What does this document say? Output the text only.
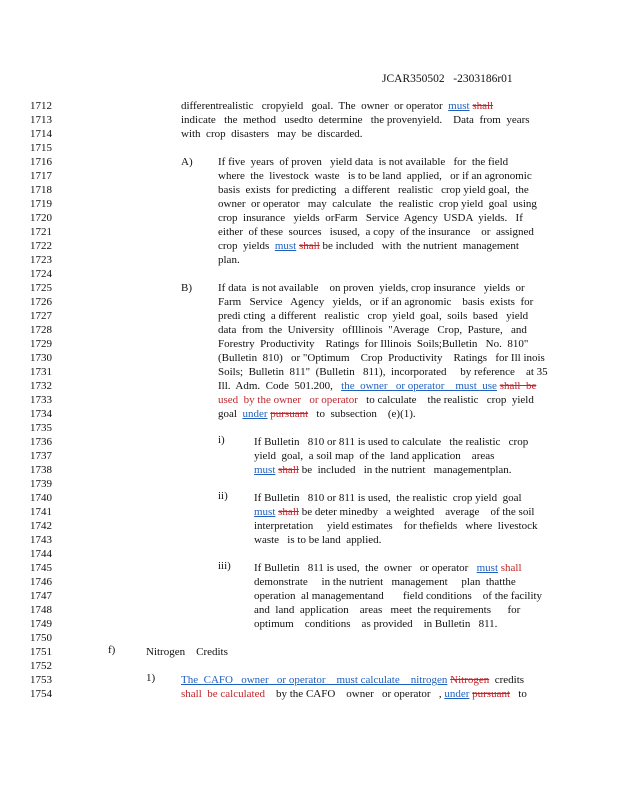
JCAR350502 -2303186r01
1712
1713
1714
1715
1716
1717
1718
1719
1720
1721
1722
1723
1724
1725
1726
1727
1728
1729
1730
1731
1732
1733
1734
1735
1736
1737
1738
1739
1740
1741
1742
1743
1744
1745
1746
1747
1748
1749
1750
1751
1752
1753
1754
A)
B)
i)
ii)
iii)
f)
1)
differentrealistic   cropyield   goal.  The  owner  or operator  must shall
indicate   the  method   usedto  determine   the provenyield.    Data  from  years
with  crop  disasters   may  be  discarded.
If five  years  of proven   yield data  is not available   for  the field
where  the  livestock  waste   is to be land  applied,   or if an agronomic
basis  exists  for predicting   a different   realistic   crop yield goal,  the
owner  or operator   may  calculate   the  realistic  crop yield  goal  using
crop  insurance   yields  orFarm   Service  Agency  USDA  yields.   If
either  of these  sources   isused,  a copy  of the insurance    or  assigned
crop  yields  must shall be included   with  the nutrient  management
plan.
If data  is not available    on proven  yields, crop insurance   yields  or
Farm   Service   Agency   yields,   or if an agronomic    basis  exists  for
predi cting  a different   realistic   crop  yield  goal,  soils  based   yield
data  from  the  University   ofIllinois  "Average   Crop,  Pasture,   and
Forestry  Productivity    Ratings  for Illinois  Soils;Bulletin   No.  810"
(Bulletin  810)   or "Optimum    Crop  Productivity    Ratings   for Ill inois
Soils;  Bulletin  811"  (Bulletin   811),  incorporated     by reference    at 35
Ill.  Adm.  Code  501.200,   the  owner   or operator    must  use shall  be
used  by the owner   or operator   to calculate    the realistic   crop  yield
goal  under pursuant   to  subsection    (e)(1).
If Bulletin   810 or 811 is used to calculate   the realistic   crop
yield  goal,  a soil map  of the  land application    areas
must shall be  included   in the nutrient   managementplan.
If Bulletin   810 or 811 is used,  the realistic  crop yield  goal
must shall be deter minedby   a weighted    average    of the soil
interpretation     yield estimates    for thefields   where  livestock
waste   is to be land  applied.
If Bulletin   811 is used,  the  owner   or operator   must shall
demonstrate     in the nutrient   management     plan  thatthe
operation  al managementand       field conditions    of the facility
and  land  application    areas   meet  the requirements      for
optimum    conditions    as provided    in Bulletin   811.
Nitrogen    Credits
The  CAFO   owner   or operator    must calculate    nitrogen Nitrogen  credits
shall  be calculated    by the CAFO    owner   or operator   , under pursuant   to
